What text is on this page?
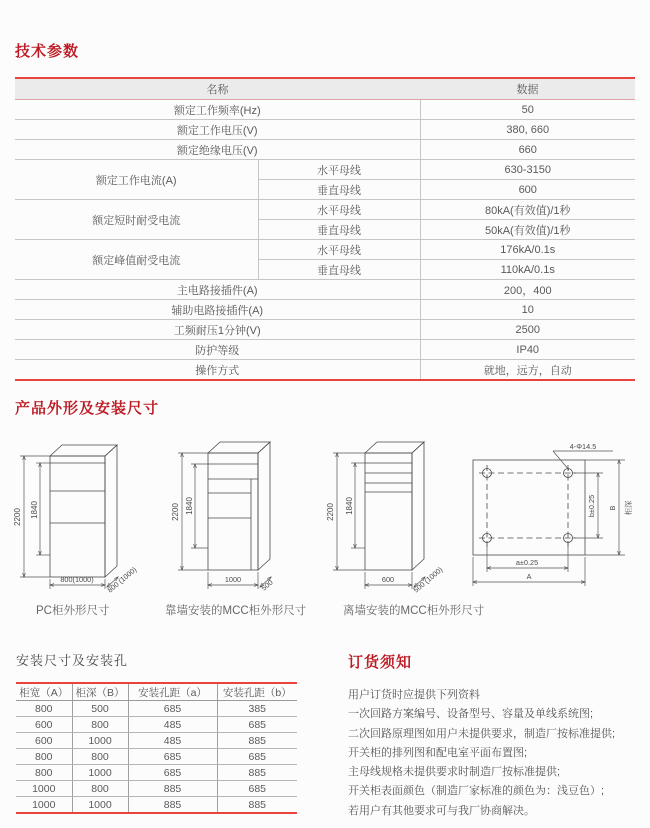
技术参数
名称		数据
额定工作频率(Hz)		50
额定工作电压(V)		380, 660
额定绝缘电压(V)		660
额定工作电流(A)	水平母线	630-3150
	垂直母线	600
额定短时耐受电流	水平母线	80kA(有效值)/1秒
	垂直母线	50kA(有效值)/1秒
额定峰值耐受电流	水平母线	176kA/0.1s
	垂直母线	110kA/0.1s
主电路接插件(A)		200，400
辅助电路接插件(A)		10
工频耐压1分钟(V)		2500
防护等级		IP40
操作方式		就地，远方，自动
产品外形及安装尺寸
2200 1840
800(1000) 800 (1000)
2200 1840
1000	500
2200 1840
600 500 (1000)
4-Φ14.5
b±0.25 B 柜深
a±0.25
A
PC柜外形尺寸	靠墙安装的MCC柜外形尺寸	离墙安装的MCC柜外形尺寸
安装尺寸及安装孔
柜宽（A）	柜深（B）	安装孔距（a）	安装孔距（b）
800	500	685	385
600	800	485	685
600	1000	485	885
800	800	685	685
800	1000	685	885
1000	800	885	685
1000	1000	885	885
订货须知
用户订货时应提供下列资料
一次回路方案编号、设备型号、容量及单线系统图;
二次回路原理图如用户未提供要求，制造厂按标准提供;
开关柜的排列图和配电室平面布置图;
主母线规格未提供要求时制造厂按标准提供;
开关柜表面颜色（制造厂家标准的颜色为：浅豆色）;
若用户有其他要求可与我厂协商解决。
